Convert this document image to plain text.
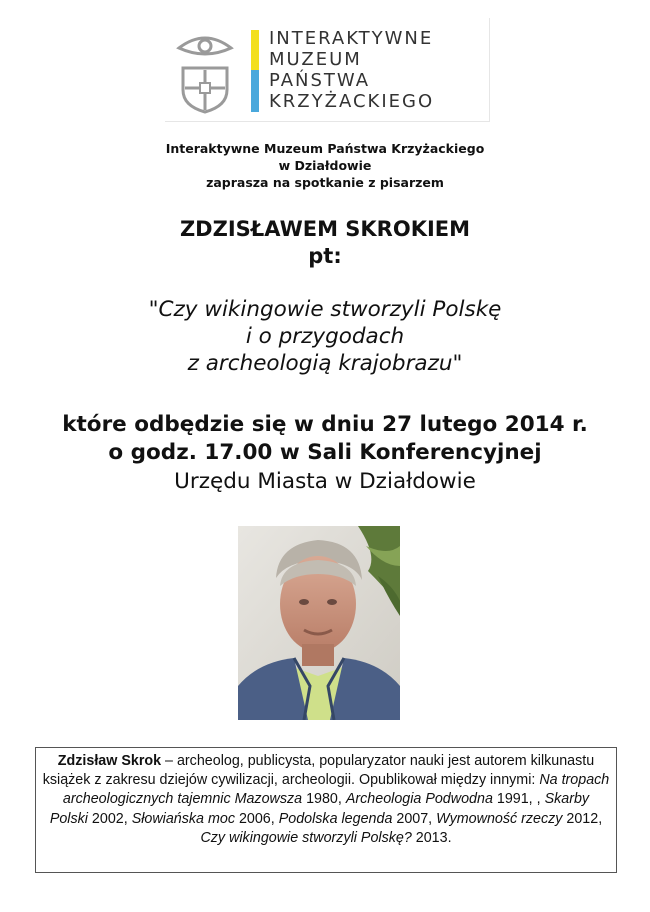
INTERAKTYWNE
MUZEUM
PAŃSTWA
KRZYŻACKIEGO
Interaktywne Muzeum Państwa Krzyżackiego
w Działdowie
zaprasza na spotkanie z pisarzem
ZDZISŁAWEM SKROKIEM
pt:
"Czy wikingowie stworzyli Polskę
i o przygodach
z archeologią krajobrazu"
które odbędzie się w dniu 27 lutego 2014 r.
o godz. 17.00 w Sali Konferencyjnej
Urzędu Miasta w Działdowie
Zdzisław Skrok – archeolog, publicysta, popularyzator nauki jest autorem kilkunastu książek z zakresu dziejów cywilizacji, archeologii. Opublikował między innymi: Na tropach archeologicznych tajemnic Mazowsza 1980, Archeologia Podwodna 1991, , Skarby Polski 2002, Słowiańska moc 2006, Podolska legenda 2007, Wymowność rzeczy 2012, Czy wikingowie stworzyli Polskę? 2013.
